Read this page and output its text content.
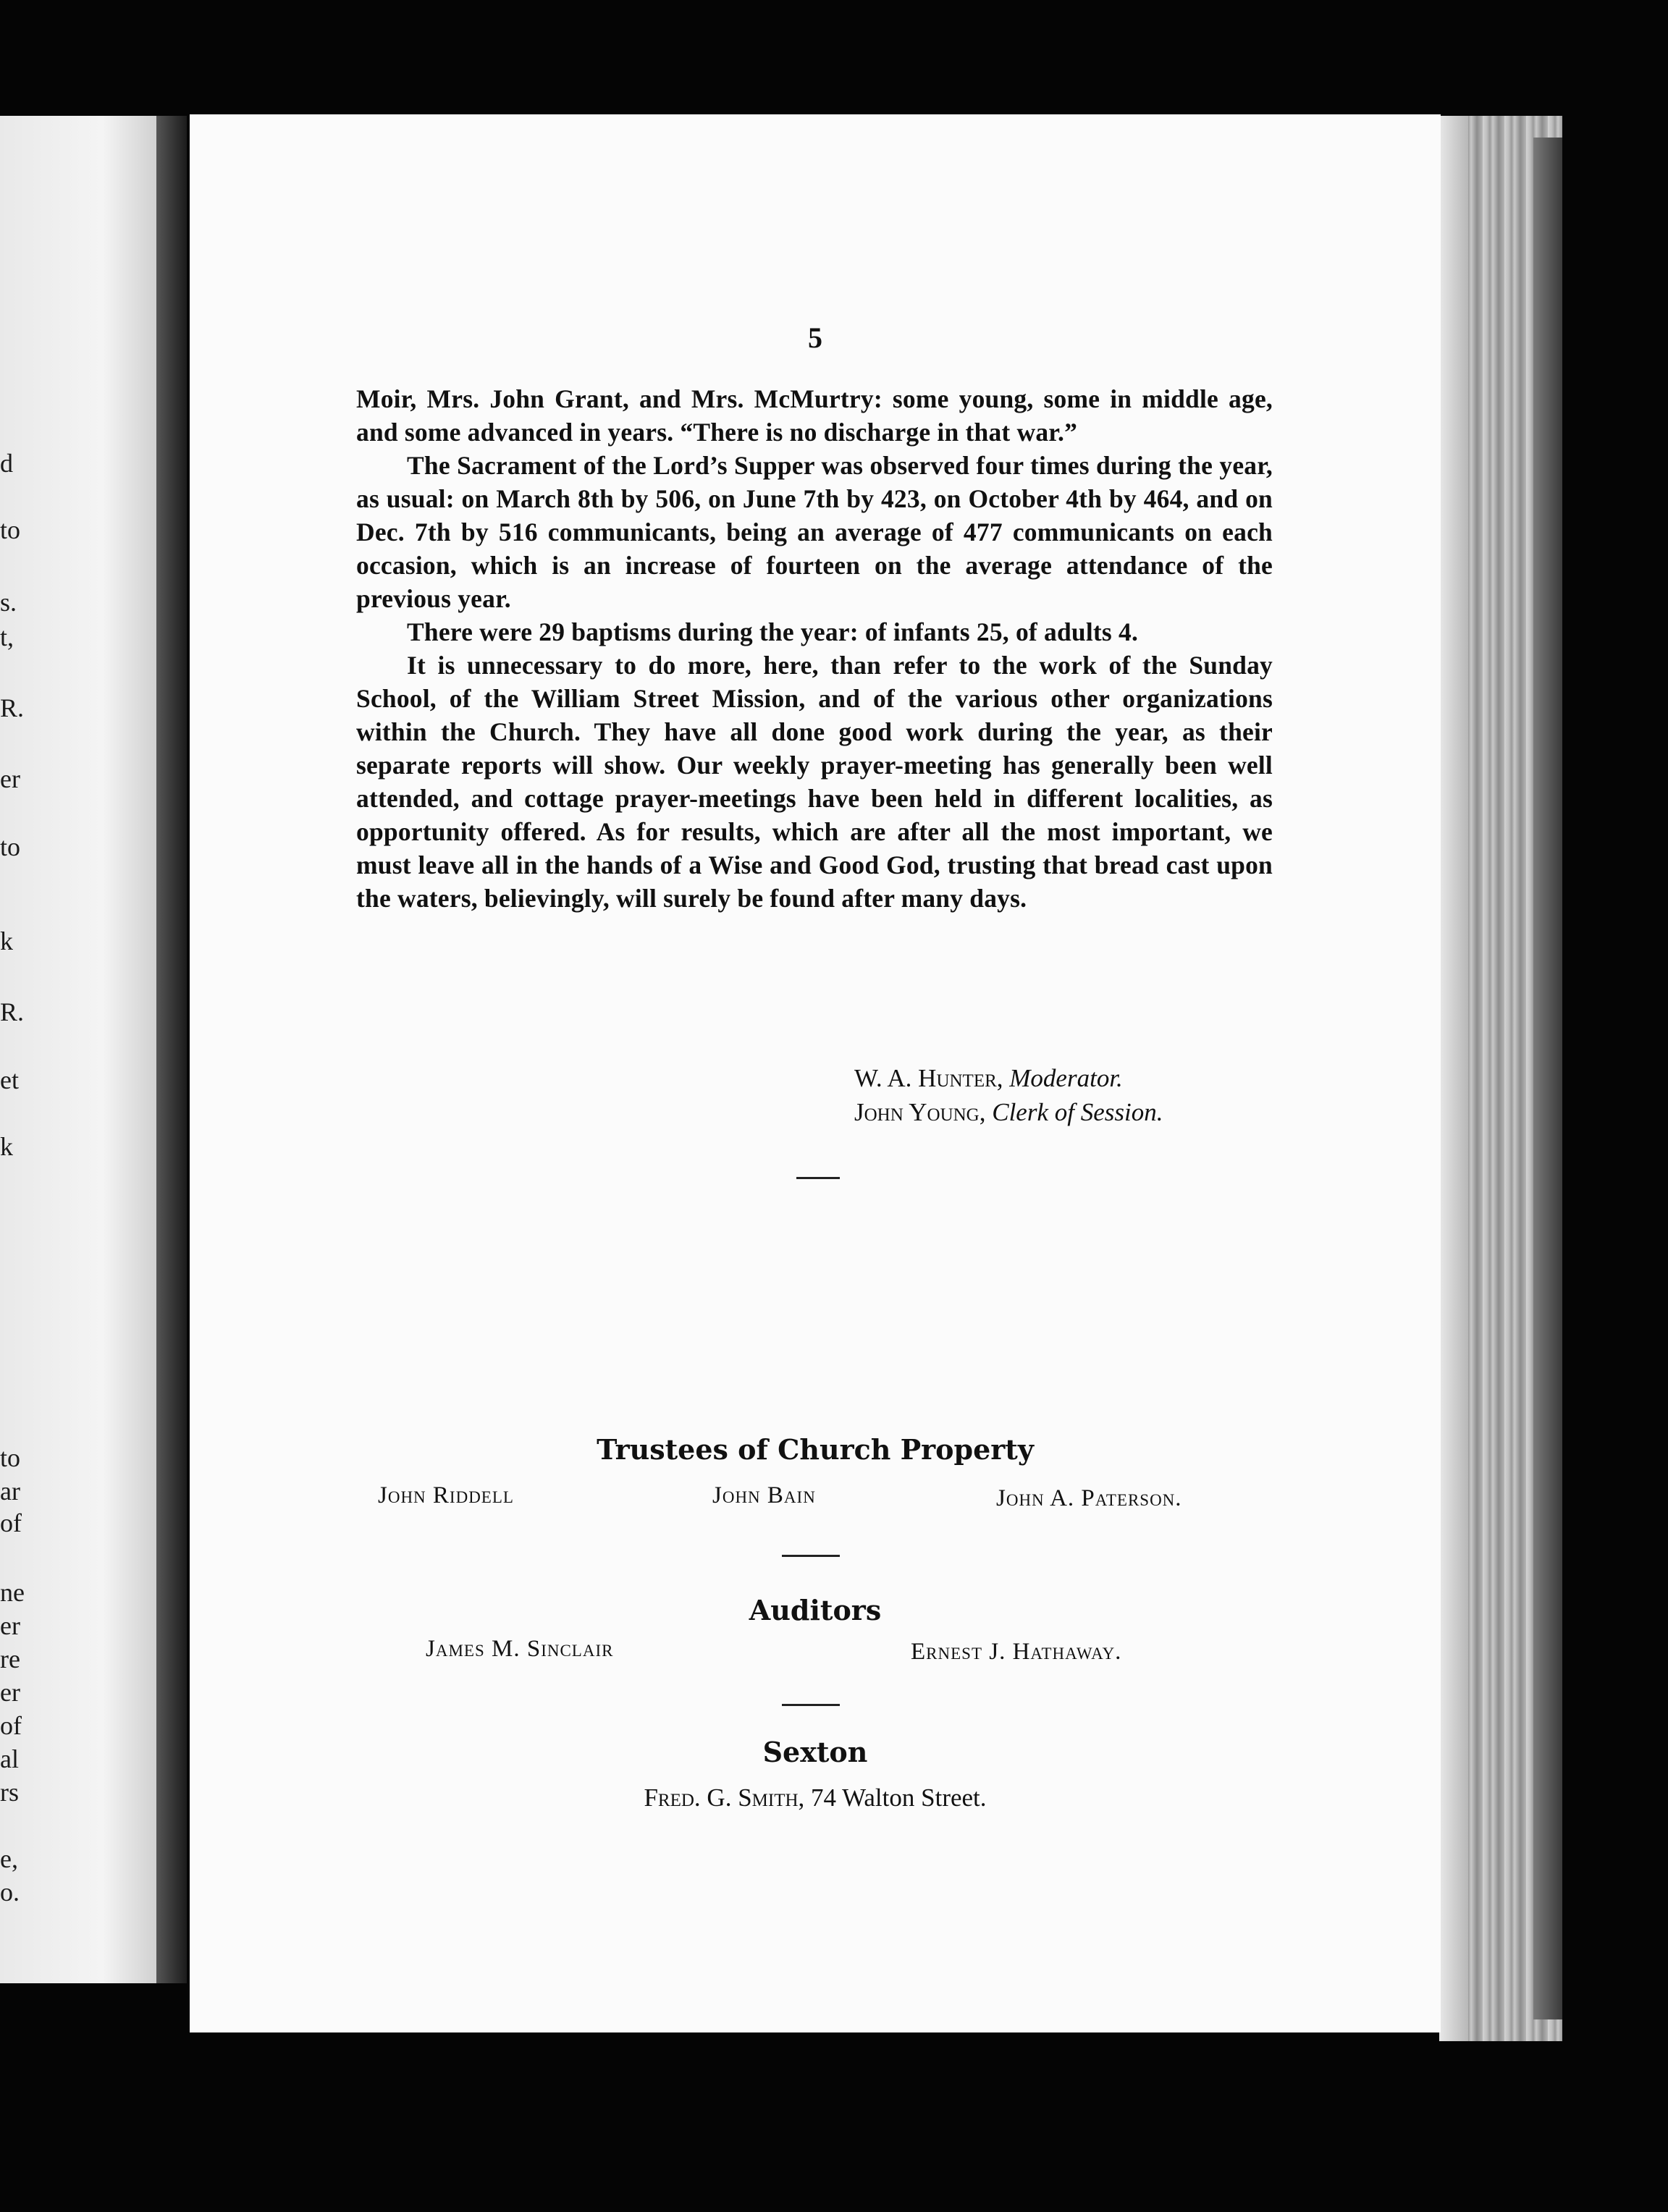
d
to
s.
t,
R.
er
to
k
R.
et
k
to
ar
of
ne
er
re
er
of
al
rs
e,
o.
5

Moir, Mrs. John Grant, and Mrs. McMurtry: some young, some in middle age, and some advanced in years. “There is no discharge in that war.”

The Sacrament of the Lord’s Supper was observed four times during the year, as usual: on March 8th by 506, on June 7th by 423, on October 4th by 464, and on Dec. 7th by 516 communicants, being an average of 477 communicants on each occasion, which is an increase of fourteen on the average attendance of the previous year.

There were 29 baptisms during the year: of infants 25, of adults 4.

It is unnecessary to do more, here, than refer to the work of the Sunday School, of the William Street Mission, and of the various other organizations within the Church. They have all done good work during the year, as their separate reports will show. Our weekly prayer-meeting has generally been well attended, and cottage prayer-meetings have been held in different localities, as opportunity offered. As for results, which are after all the most important, we must leave all in the hands of a Wise and Good God, trusting that bread cast upon the waters, believingly, will surely be found after many days.

W. A. Hunter, Moderator.
John Young, Clerk of Session.
Trustees of Church Property
John Riddell	John Bain	John A. Paterson.
Auditors
James M. Sinclair	Ernest J. Hathaway.
Sexton
Fred. G. Smith, 74 Walton Street.
